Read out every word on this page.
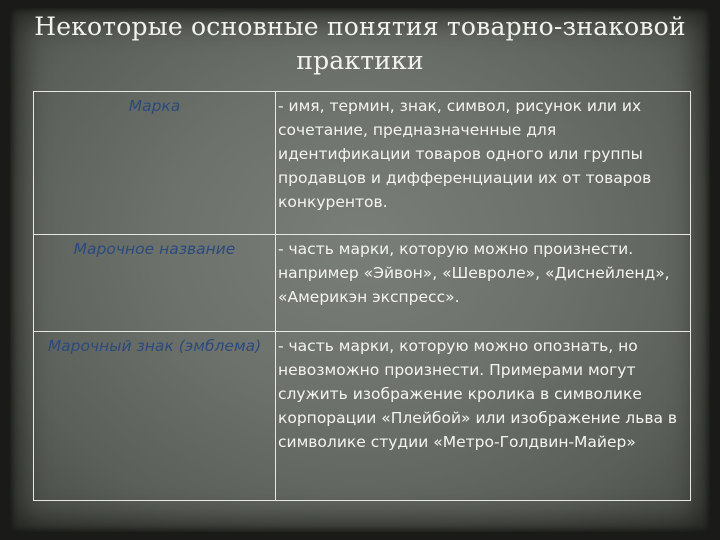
Некоторые основные понятия товарно-знаковой практики
Марка	- имя, термин, знак, символ, рисунок или их сочетание, предназначенные для идентификации товаров одного или группы продавцов и дифференциации их от товаров конкурентов.

Марочное название	- часть марки, которую можно произнести. например «Эйвон», «Шевроле», «Диснейленд», «Америкэн экспресс».

Марочный знак (эмблема)	- часть марки, которую можно опознать, но невозможно произнести. Примерами могут служить изображение кролика в символике корпорации «Плейбой» или изображение льва в символике студии «Метро-Голдвин-Майер»
